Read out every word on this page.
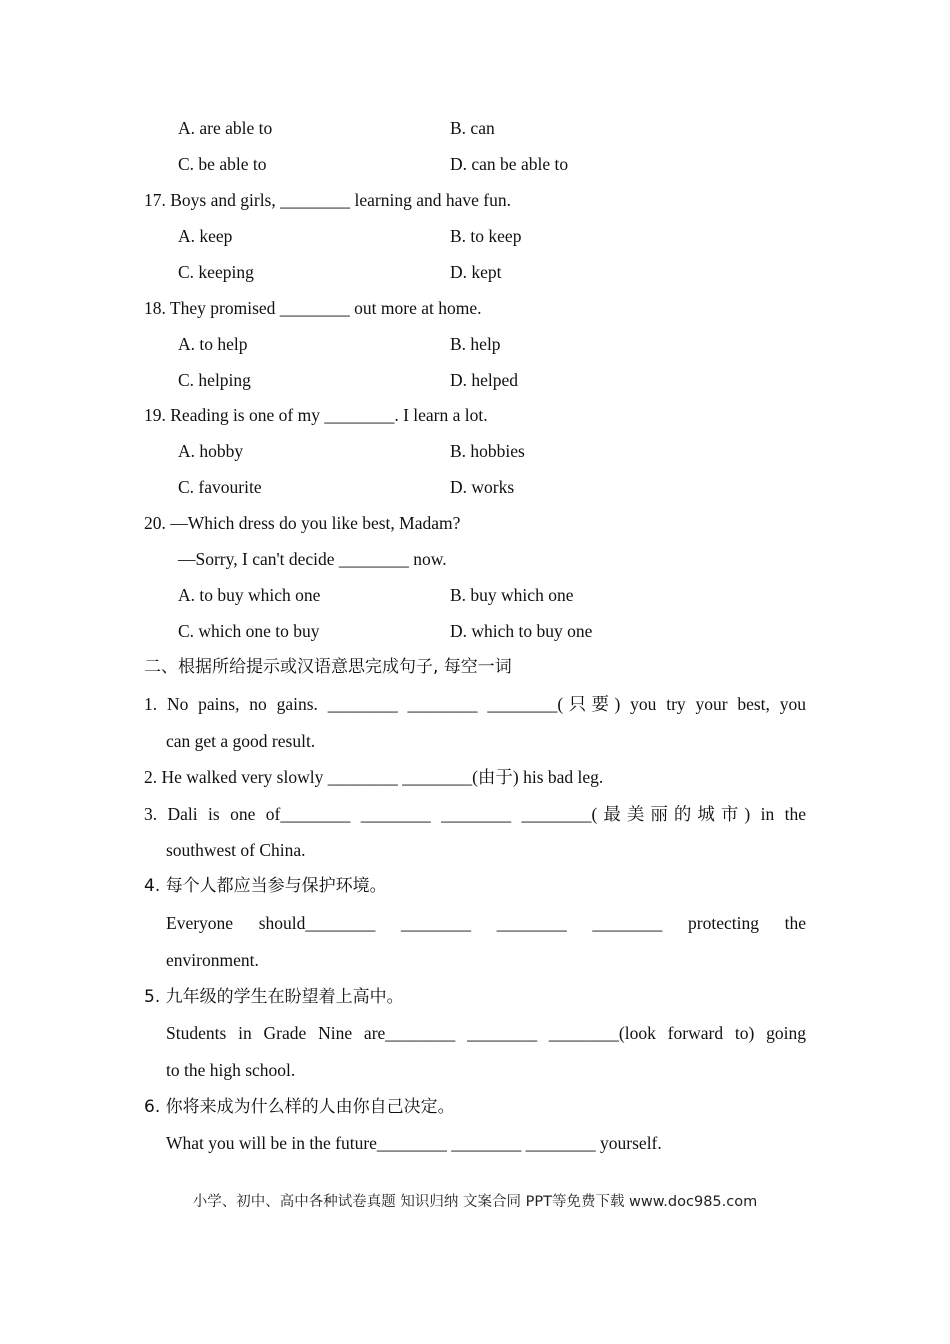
A. are able to	B. can
C. be able to	D. can be able to
17. Boys and girls, ________ learning and have fun.
A. keep	B. to keep
C. keeping	D. kept
18. They promised ________ out more at home.
A. to help	B. help
C. helping	D. helped
19. Reading is one of my ________. I learn a lot.
A. hobby	B. hobbies
C. favourite	D. works
20. —Which dress do you like best, Madam?
—Sorry, I can't decide ________ now.
A. to buy which one	B. buy which one
C. which one to buy	D. which to buy one
二、根据所给提示或汉语意思完成句子, 每空一词
1. No pains, no gains. ________ ________ ________(只要) you try your best, you
can get a good result.
2. He walked very slowly ________ ________(由于) his bad leg.
3. Dali is one of________ ________ ________ ________(最美丽的城市) in the
southwest of China.
4. 每个人都应当参与保护环境。
Everyone should________ ________ ________ ________ protecting the
environment.
5. 九年级的学生在盼望着上高中。
Students in Grade Nine are________ ________ ________(look forward to) going
to the high school.
6. 你将来成为什么样的人由你自己决定。
What you will be in the future________ ________ ________ yourself.
小学、初中、高中各种试卷真题 知识归纳 文案合同 PPT等免费下载 www.doc985.com
